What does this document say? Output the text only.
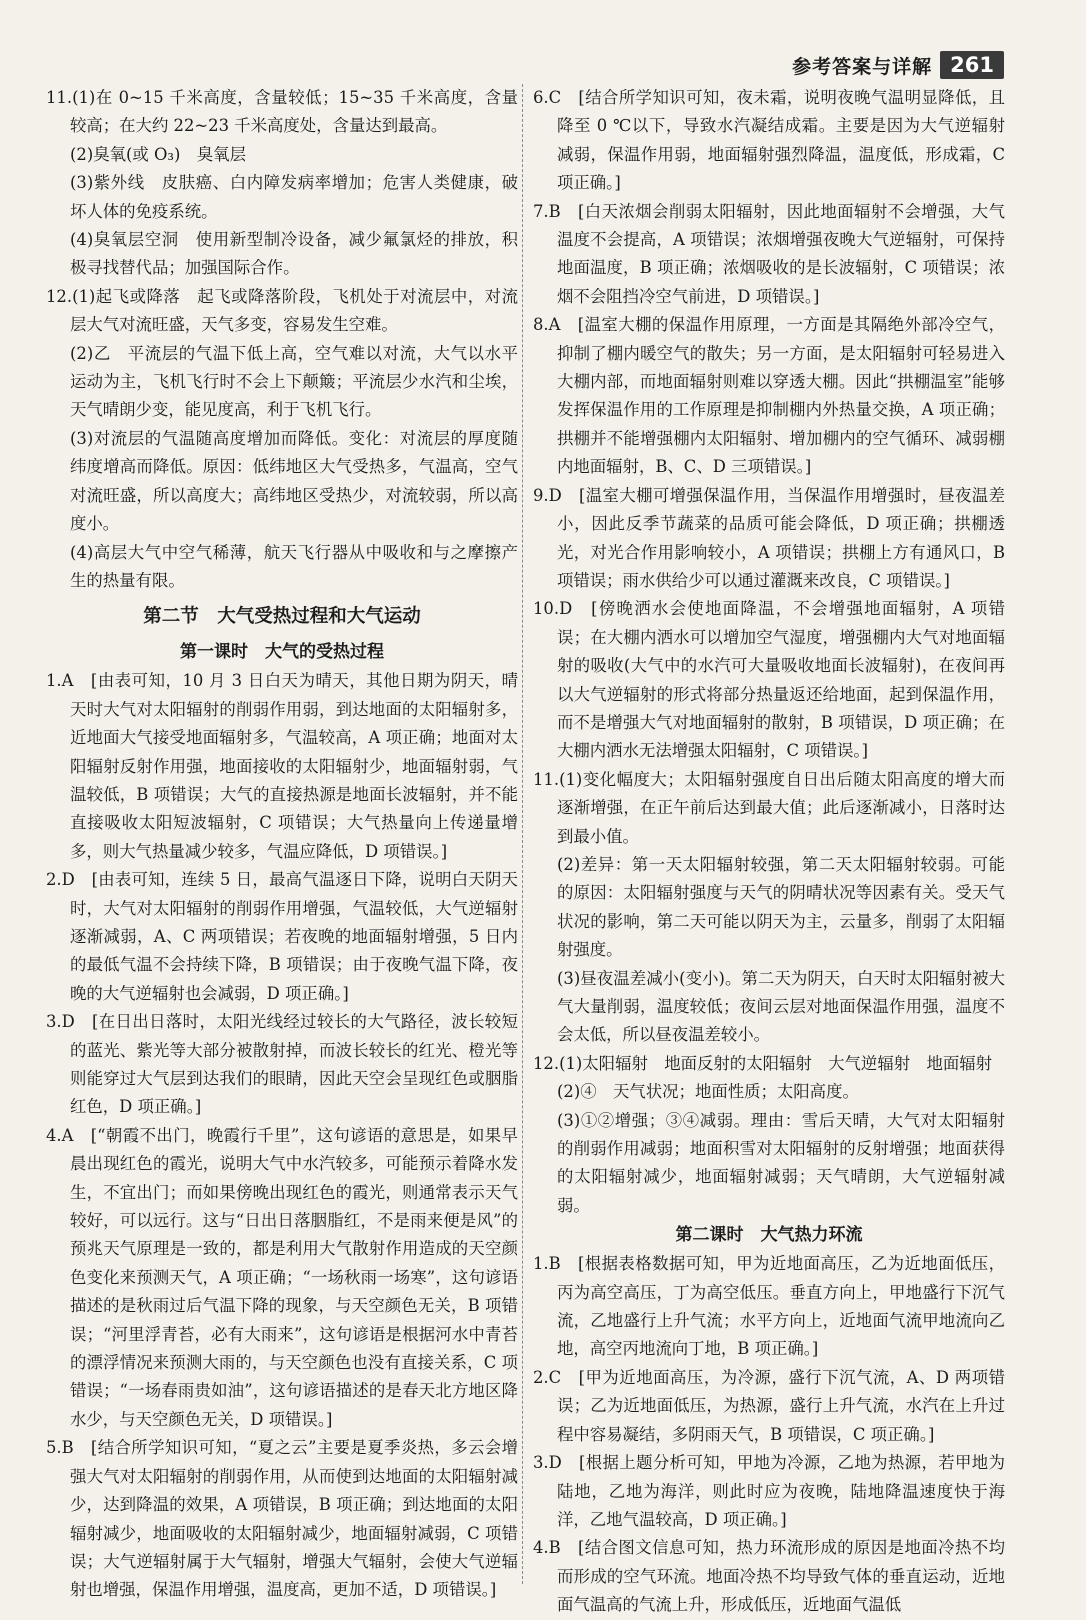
参考答案与详解 261

11.(1)在 0~15 千米高度，含量较低；15~35 千米高度，含量较高；在大约 22~23 千米高度处，含量达到最高。

(2)臭氧(或 O₃)　臭氧层

(3)紫外线　皮肤癌、白内障发病率增加；危害人类健康，破坏人体的免疫系统。

(4)臭氧层空洞　使用新型制冷设备，减少氟氯烃的排放，积极寻找替代品；加强国际合作。

12.(1)起飞或降落　起飞或降落阶段，飞机处于对流层中，对流层大气对流旺盛，天气多变，容易发生空难。

(2)乙　平流层的气温下低上高，空气难以对流，大气以水平运动为主，飞机飞行时不会上下颠簸；平流层少水汽和尘埃，天气晴朗少变，能见度高，利于飞机飞行。

(3)对流层的气温随高度增加而降低。变化：对流层的厚度随纬度增高而降低。原因：低纬地区大气受热多，气温高，空气对流旺盛，所以高度大；高纬地区受热少，对流较弱，所以高度小。

(4)高层大气中空气稀薄，航天飞行器从中吸收和与之摩擦产生的热量有限。

第二节　大气受热过程和大气运动
第一课时　大气的受热过程

1.A　[由表可知，10 月 3 日白天为晴天，其他日期为阴天，晴天时大气对太阳辐射的削弱作用弱，到达地面的太阳辐射多，近地面大气接受地面辐射多，气温较高，A 项正确；地面对太阳辐射反射作用强，地面接收的太阳辐射少，地面辐射弱，气温较低，B 项错误；大气的直接热源是地面长波辐射，并不能直接吸收太阳短波辐射，C 项错误；大气热量向上传递量增多，则大气热量减少较多，气温应降低，D 项错误。]

2.D　[由表可知，连续 5 日，最高气温逐日下降，说明白天阴天时，大气对太阳辐射的削弱作用增强，气温较低，大气逆辐射逐渐减弱，A、C 两项错误；若夜晚的地面辐射增强，5 日内的最低气温不会持续下降，B 项错误；由于夜晚气温下降，夜晚的大气逆辐射也会减弱，D 项正确。]

3.D　[在日出日落时，太阳光线经过较长的大气路径，波长较短的蓝光、紫光等大部分被散射掉，而波长较长的红光、橙光等则能穿过大气层到达我们的眼睛，因此天空会呈现红色或胭脂红色，D 项正确。]

4.A　[“朝霞不出门，晚霞行千里”，这句谚语的意思是，如果早晨出现红色的霞光，说明大气中水汽较多，可能预示着降水发生，不宜出门；而如果傍晚出现红色的霞光，则通常表示天气较好，可以远行。这与“日出日落胭脂红，不是雨来便是风”的预兆天气原理是一致的，都是利用大气散射作用造成的天空颜色变化来预测天气，A 项正确；“一场秋雨一场寒”，这句谚语描述的是秋雨过后气温下降的现象，与天空颜色无关，B 项错误；“河里浮青苔，必有大雨来”，这句谚语是根据河水中青苔的漂浮情况来预测大雨的，与天空颜色也没有直接关系，C 项错误；“一场春雨贵如油”，这句谚语描述的是春天北方地区降水少，与天空颜色无关，D 项错误。]

5.B　[结合所学知识可知，“夏之云”主要是夏季炎热，多云会增强大气对太阳辐射的削弱作用，从而使到达地面的太阳辐射减少，达到降温的效果，A 项错误，B 项正确；到达地面的太阳辐射减少，地面吸收的太阳辐射减少，地面辐射减弱，C 项错误；大气逆辐射属于大气辐射，增强大气辐射，会使大气逆辐射也增强，保温作用增强，温度高，更加不适，D 项错误。]

6.C　[结合所学知识可知，夜未霜，说明夜晚气温明显降低，且降至 0 ℃以下，导致水汽凝结成霜。主要是因为大气逆辐射减弱，保温作用弱，地面辐射强烈降温，温度低，形成霜，C 项正确。]

7.B　[白天浓烟会削弱太阳辐射，因此地面辐射不会增强，大气温度不会提高，A 项错误；浓烟增强夜晚大气逆辐射，可保持地面温度，B 项正确；浓烟吸收的是长波辐射，C 项错误；浓烟不会阻挡冷空气前进，D 项错误。]

8.A　[温室大棚的保温作用原理，一方面是其隔绝外部冷空气，抑制了棚内暖空气的散失；另一方面，是太阳辐射可轻易进入大棚内部，而地面辐射则难以穿透大棚。因此“拱棚温室”能够发挥保温作用的工作原理是抑制棚内外热量交换，A 项正确；拱棚并不能增强棚内太阳辐射、增加棚内的空气循环、减弱棚内地面辐射，B、C、D 三项错误。]

9.D　[温室大棚可增强保温作用，当保温作用增强时，昼夜温差小，因此反季节蔬菜的品质可能会降低，D 项正确；拱棚透光，对光合作用影响较小，A 项错误；拱棚上方有通风口，B 项错误；雨水供给少可以通过灌溉来改良，C 项错误。]

10.D　[傍晚洒水会使地面降温，不会增强地面辐射，A 项错误；在大棚内洒水可以增加空气湿度，增强棚内大气对地面辐射的吸收(大气中的水汽可大量吸收地面长波辐射)，在夜间再以大气逆辐射的形式将部分热量返还给地面，起到保温作用，而不是增强大气对地面辐射的散射，B 项错误，D 项正确；在大棚内洒水无法增强太阳辐射，C 项错误。]

11.(1)变化幅度大；太阳辐射强度自日出后随太阳高度的增大而逐渐增强，在正午前后达到最大值；此后逐渐减小，日落时达到最小值。

(2)差异：第一天太阳辐射较强，第二天太阳辐射较弱。可能的原因：太阳辐射强度与天气的阴晴状况等因素有关。受天气状况的影响，第二天可能以阴天为主，云量多，削弱了太阳辐射强度。

(3)昼夜温差减小(变小)。第二天为阴天，白天时太阳辐射被大气大量削弱，温度较低；夜间云层对地面保温作用强，温度不会太低，所以昼夜温差较小。

12.(1)太阳辐射　地面反射的太阳辐射　大气逆辐射　地面辐射

(2)④　天气状况；地面性质；太阳高度。

(3)①②增强；③④减弱。理由：雪后天晴，大气对太阳辐射的削弱作用减弱；地面积雪对太阳辐射的反射增强；地面获得的太阳辐射减少，地面辐射减弱；天气晴朗，大气逆辐射减弱。

第二课时　大气热力环流

1.B　[根据表格数据可知，甲为近地面高压，乙为近地面低压，丙为高空高压，丁为高空低压。垂直方向上，甲地盛行下沉气流，乙地盛行上升气流；水平方向上，近地面气流甲地流向乙地，高空丙地流向丁地，B 项正确。]

2.C　[甲为近地面高压，为冷源，盛行下沉气流，A、D 两项错误；乙为近地面低压，为热源，盛行上升气流，水汽在上升过程中容易凝结，多阴雨天气，B 项错误，C 项正确。]

3.D　[根据上题分析可知，甲地为冷源，乙地为热源，若甲地为陆地，乙地为海洋，则此时应为夜晚，陆地降温速度快于海洋，乙地气温较高，D 项正确。]

4.B　[结合图文信息可知，热力环流形成的原因是地面冷热不均而形成的空气环流。地面冷热不均导致气体的垂直运动，近地面气温高的气流上升，形成低压，近地面气温低
